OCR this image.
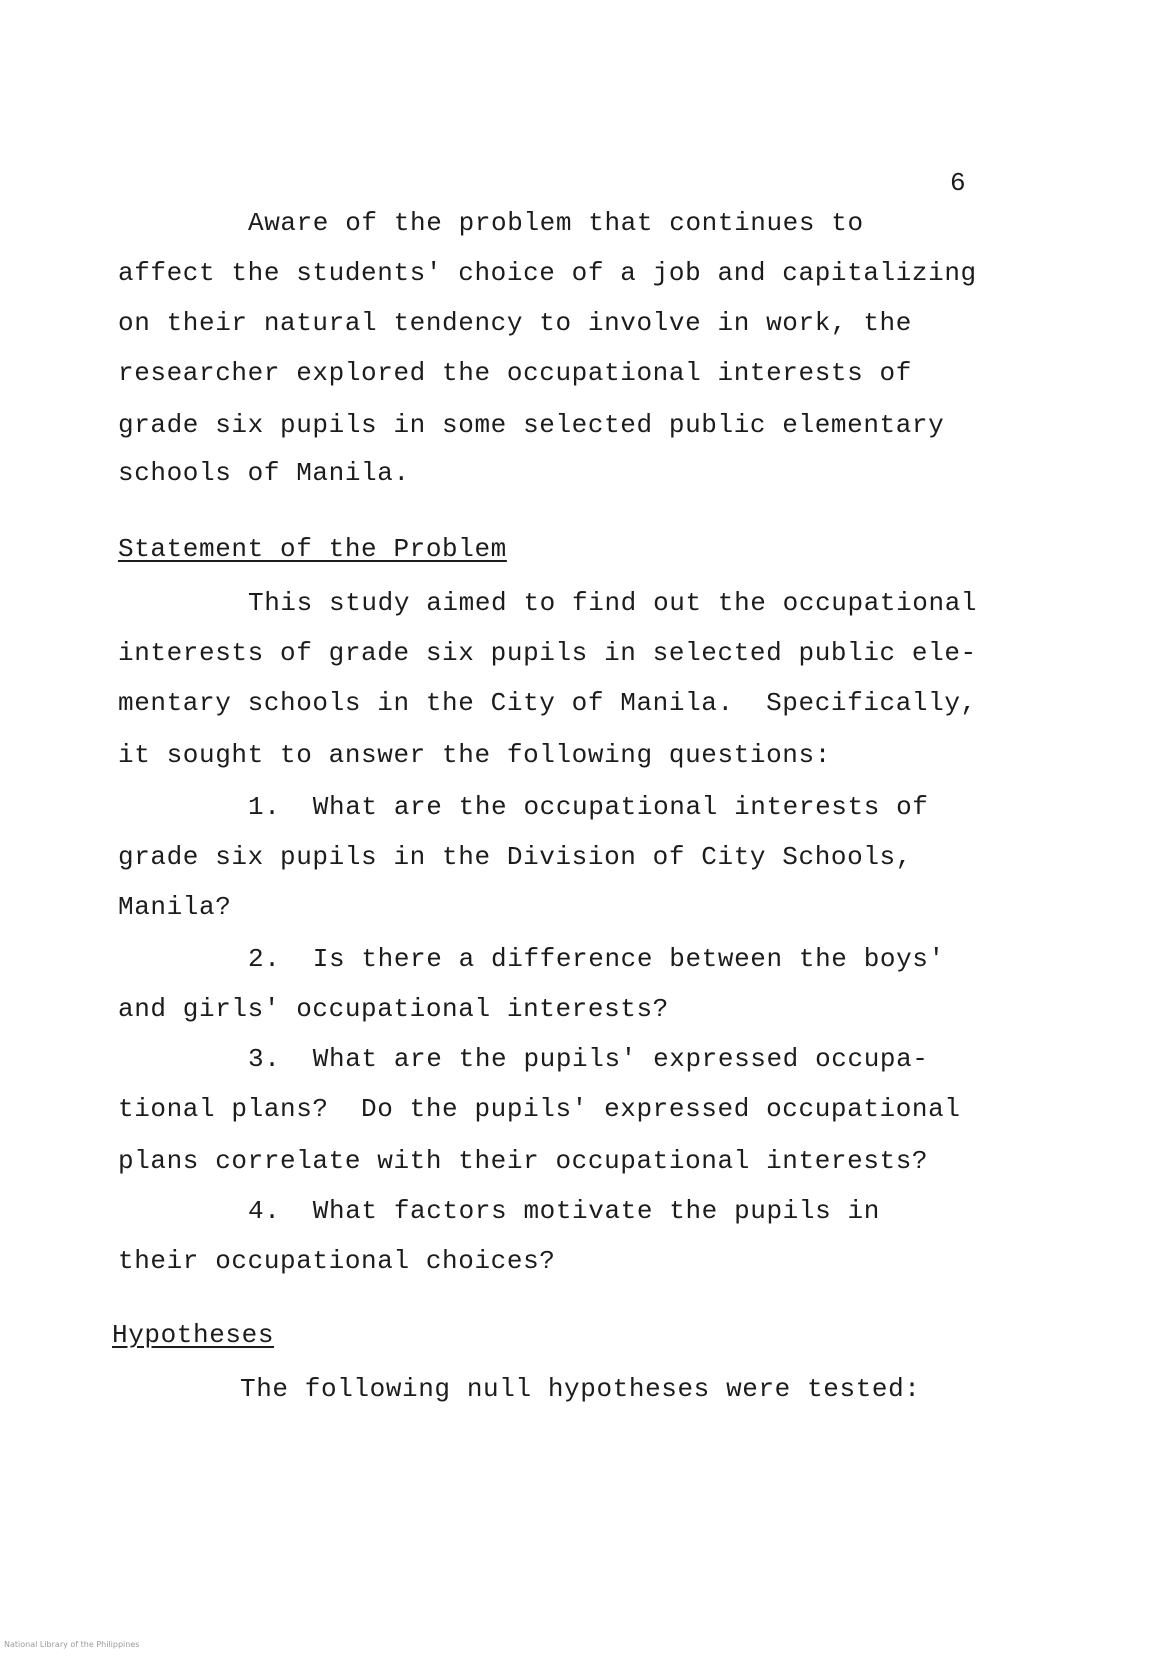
6
Aware of the problem that continues to
affect the students' choice of a job and capitalizing
on their natural tendency to involve in work, the
researcher explored the occupational interests of
grade six pupils in some selected public elementary
schools of Manila.
Statement of the Problem
This study aimed to find out the occupational
interests of grade six pupils in selected public ele-
mentary schools in the City of Manila.  Specifically,
it sought to answer the following questions:
1.  What are the occupational interests of
grade six pupils in the Division of City Schools,
Manila?
2.  Is there a difference between the boys'
and girls' occupational interests?
3.  What are the pupils' expressed occupa-
tional plans?  Do the pupils' expressed occupational
plans correlate with their occupational interests?
4.  What factors motivate the pupils in
their occupational choices?
Hypotheses
The following null hypotheses were tested:
National Library of the Philippines
